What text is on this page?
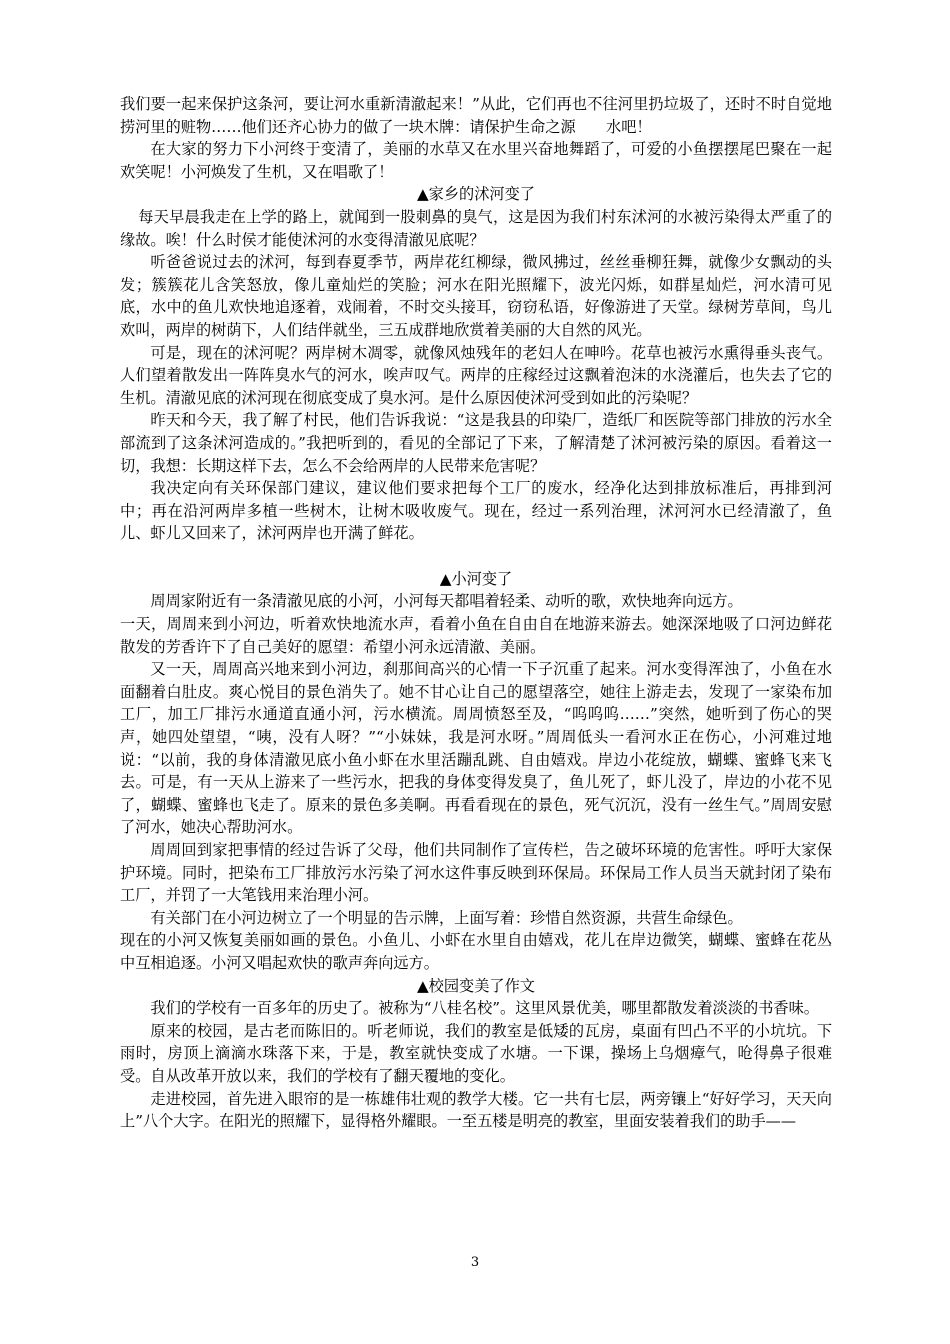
我们要一起来保护这条河，要让河水重新清澈起来！”从此，它们再也不往河里扔垃圾了，还时不时自觉地捞河里的赃物……他们还齐心协力的做了一块木牌：请保护生命之源　　水吧！

在大家的努力下小河终于变清了，美丽的水草又在水里兴奋地舞蹈了，可爱的小鱼摆摆尾巴聚在一起欢笑呢！小河焕发了生机，又在唱歌了！

▲家乡的沭河变了

每天早晨我走在上学的路上，就闻到一股刺鼻的臭气，这是因为我们村东沭河的水被污染得太严重了的缘故。唉！什么时侯才能使沭河的水变得清澈见底呢？

听爸爸说过去的沭河，每到春夏季节，两岸花红柳绿，微风拂过，丝丝垂柳狂舞，就像少女飘动的头发；簇簇花儿含笑怒放，像儿童灿烂的笑脸；河水在阳光照耀下，波光闪烁，如群星灿烂，河水清可见底，水中的鱼儿欢快地追逐着，戏闹着，不时交头接耳，窃窃私语，好像游进了天堂。绿树芳草间，鸟儿欢叫，两岸的树荫下，人们结伴就坐，三五成群地欣赏着美丽的大自然的风光。

可是，现在的沭河呢？两岸树木凋零，就像风烛残年的老妇人在呻吟。花草也被污水熏得垂头丧气。人们望着散发出一阵阵臭水气的河水，唉声叹气。两岸的庄稼经过这飘着泡沫的水浇灌后，也失去了它的生机。清澈见底的沭河现在彻底变成了臭水河。是什么原因使沭河受到如此的污染呢？

昨天和今天，我了解了村民，他们告诉我说：“这是我县的印染厂，造纸厂和医院等部门排放的污水全部流到了这条沭河造成的。”我把听到的，看见的全部记了下来，了解清楚了沭河被污染的原因。看着这一切，我想：长期这样下去，怎么不会给两岸的人民带来危害呢？

我决定向有关环保部门建议，建议他们要求把每个工厂的废水，经净化达到排放标准后，再排到河中；再在沿河两岸多植一些树木，让树木吸收废气。现在，经过一系列治理，沭河河水已经清澈了，鱼儿、虾儿又回来了，沭河两岸也开满了鲜花。

▲小河变了

周周家附近有一条清澈见底的小河，小河每天都唱着轻柔、动听的歌，欢快地奔向远方。

一天，周周来到小河边，听着欢快地流水声，看着小鱼在自由自在地游来游去。她深深地吸了口河边鲜花散发的芳香许下了自己美好的愿望：希望小河永远清澈、美丽。

又一天，周周高兴地来到小河边，刹那间高兴的心情一下子沉重了起来。河水变得浑浊了，小鱼在水面翻着白肚皮。爽心悦目的景色消失了。她不甘心让自己的愿望落空，她往上游走去，发现了一家染布加工厂，加工厂排污水通道直通小河，污水横流。周周愤怒至及，“呜呜呜……”突然，她听到了伤心的哭声，她四处望望，“咦，没有人呀？”“小妹妹，我是河水呀。”周周低头一看河水正在伤心，小河难过地说：“以前，我的身体清澈见底小鱼小虾在水里活蹦乱跳、自由嬉戏。岸边小花绽放，蝴蝶、蜜蜂飞来飞去。可是，有一天从上游来了一些污水，把我的身体变得发臭了，鱼儿死了，虾儿没了，岸边的小花不见了，蝴蝶、蜜蜂也飞走了。原来的景色多美啊。再看看现在的景色，死气沉沉，没有一丝生气。”周周安慰了河水，她决心帮助河水。

周周回到家把事情的经过告诉了父母，他们共同制作了宣传栏，告之破坏环境的危害性。呼吁大家保护环境。同时，把染布工厂排放污水污染了河水这件事反映到环保局。环保局工作人员当天就封闭了染布工厂，并罚了一大笔钱用来治理小河。

有关部门在小河边树立了一个明显的告示牌，上面写着：珍惜自然资源，共营生命绿色。

现在的小河又恢复美丽如画的景色。小鱼儿、小虾在水里自由嬉戏，花儿在岸边微笑，蝴蝶、蜜蜂在花丛中互相追逐。小河又唱起欢快的歌声奔向远方。

▲校园变美了作文

我们的学校有一百多年的历史了。被称为“八桂名校”。这里风景优美，哪里都散发着淡淡的书香味。

原来的校园，是古老而陈旧的。听老师说，我们的教室是低矮的瓦房，桌面有凹凸不平的小坑坑。下雨时，房顶上滴滴水珠落下来，于是，教室就快变成了水塘。一下课，操场上乌烟瘴气，呛得鼻子很难受。自从改革开放以来，我们的学校有了翻天覆地的变化。

走进校园，首先进入眼帘的是一栋雄伟壮观的教学大楼。它一共有七层，两旁镶上“好好学习，天天向上”八个大字。在阳光的照耀下，显得格外耀眼。一至五楼是明亮的教室，里面安装着我们的助手——

3
